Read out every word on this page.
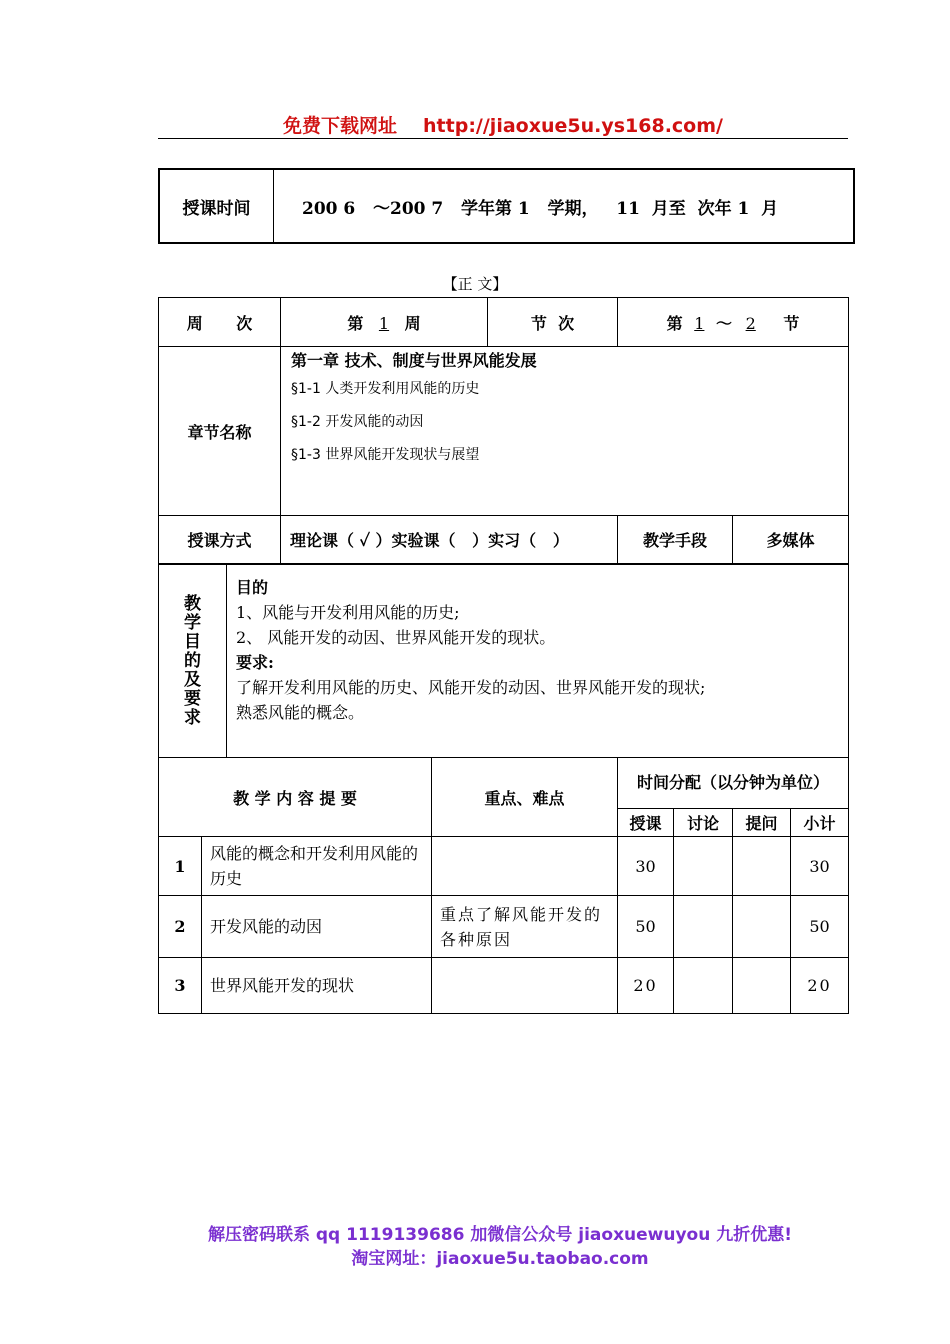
免费下载网址 http://jiaoxue5u.ys168.com/
授课时间	200 6   ～200 7   学年第 1   学期，   11  月至  次年 1  月
【正 文】
周      次	第 1 周	节  次	第 1 ～ 2 节	
章节名称	第一章 技术、制度与世界风能发展
§1-1 人类开发利用风能的历史
§1-2 开发风能的动因
§1-3 世界风能开发现状与展望			

授课方式	理论课（ ✓ ）实验课（   ）实习（   ）		教学手段	多媒体
教学目的及要求

目的
1、风能与开发利用风能的历史;
2、 风能开发的动因、世界风能开发的现状。
要求:
了解开发利用风能的历史、风能开发的动因、世界风能开发的现状;
熟悉风能的概念。
教 学 内 容 提 要		重点、难点	时间分配（以分钟为单位）			
			授课	讨论	提问	小计
1	风能的概念和开发利用风能的历史		30			30
2	开发风能的动因	重点了解风能开发的各种原因	50			50
3	世界风能开发的现状		20			20
解压密码联系 qq 1119139686 加微信公众号 jiaoxuewuyou 九折优惠!
淘宝网址：jiaoxue5u.taobao.com
